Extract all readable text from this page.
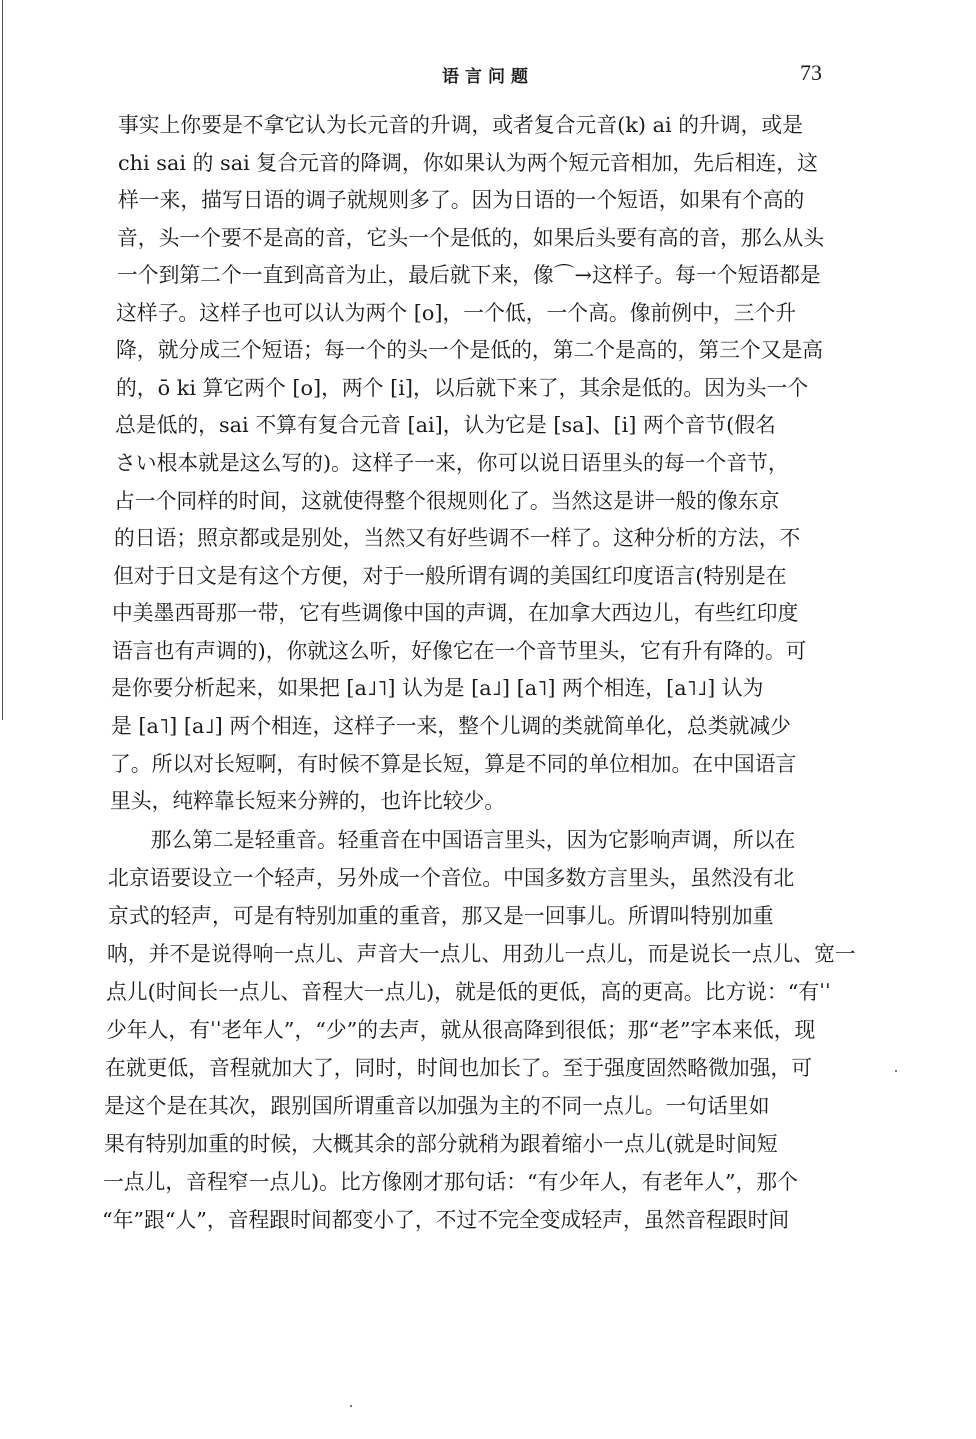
语言问题	73
事实上你要是不拿它认为长元音的升调，或者复合元音(k) ai 的升调，或是
chi sai 的 sai 复合元音的降调，你如果认为两个短元音相加，先后相连，这
样一来，描写日语的调子就规则多了。因为日语的一个短语，如果有个高的
音，头一个要不是高的音，它头一个是低的，如果后头要有高的音，那么从头
一个到第二个一直到高音为止，最后就下来，像⌒→这样子。每一个短语都是
这样子。这样子也可以认为两个 [o]，一个低，一个高。像前例中，三个升
降，就分成三个短语；每一个的头一个是低的，第二个是高的，第三个又是高
的，ō ki 算它两个 [o]，两个 [i]，以后就下来了，其余是低的。因为头一个
总是低的，sai 不算有复合元音 [ai]，认为它是 [sa]、[i] 两个音节(假名
さい根本就是这么写的)。这样子一来，你可以说日语里头的每一个音节，
占一个同样的时间，这就使得整个很规则化了。当然这是讲一般的像东京
的日语；照京都或是别处，当然又有好些调不一样了。这种分析的方法，不
但对于日文是有这个方便，对于一般所谓有调的美国红印度语言(特别是在
中美墨西哥那一带，它有些调像中国的声调，在加拿大西边儿，有些红印度
语言也有声调的)，你就这么听，好像它在一个音节里头，它有升有降的。可
是你要分析起来，如果把 [a˩˥] 认为是 [a˩] [a˥] 两个相连，[a˥˩] 认为
是 [a˥] [a˩] 两个相连，这样子一来，整个儿调的类就简单化，总类就减少
了。所以对长短啊，有时候不算是长短，算是不同的单位相加。在中国语言
里头，纯粹靠长短来分辨的，也许比较少。
　　那么第二是轻重音。轻重音在中国语言里头，因为它影响声调，所以在
北京语要设立一个轻声，另外成一个音位。中国多数方言里头，虽然没有北
京式的轻声，可是有特别加重的重音，那又是一回事儿。所谓叫特别加重
呐，并不是说得响一点儿、声音大一点儿、用劲儿一点儿，而是说长一点儿、宽一
点儿(时间长一点儿、音程大一点儿)，就是低的更低，高的更高。比方说：“有ˈˈ
少年人，有ˈˈ老年人”，“少”的去声，就从很高降到很低；那“老”字本来低，现
在就更低，音程就加大了，同时，时间也加长了。至于强度固然略微加强，可
是这个是在其次，跟别国所谓重音以加强为主的不同一点儿。一句话里如
果有特别加重的时候，大概其余的部分就稍为跟着缩小一点儿(就是时间短
一点儿，音程窄一点儿)。比方像刚才那句话：“有少年人，有老年人”，那个
“年”跟“人”，音程跟时间都变小了，不过不完全变成轻声，虽然音程跟时间
